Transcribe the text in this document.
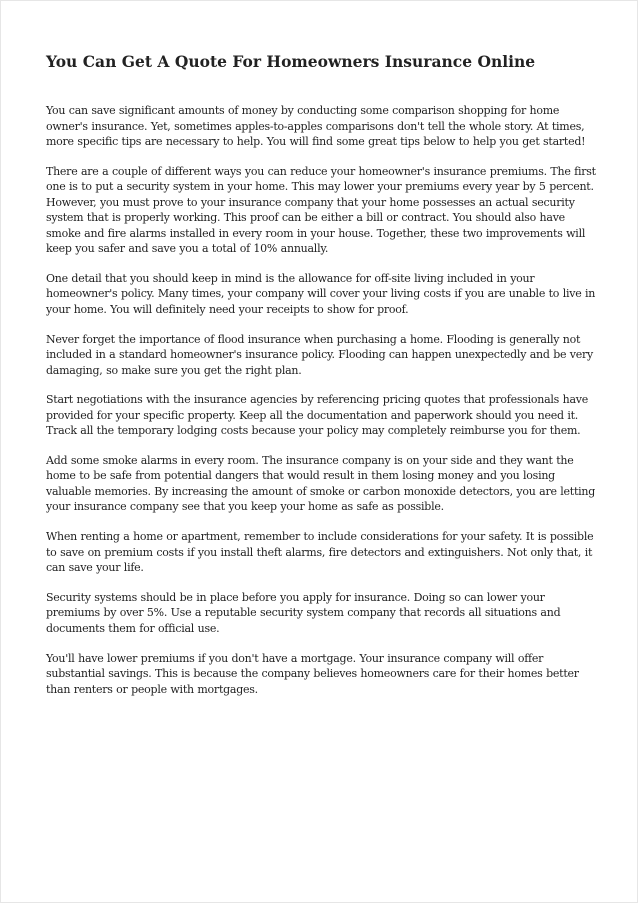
You Can Get A Quote For Homeowners Insurance Online

You can save significant amounts of money by conducting some comparison shopping for home owner's insurance. Yet, sometimes apples-to-apples comparisons don't tell the whole story. At times, more specific tips are necessary to help. You will find some great tips below to help you get started!

There are a couple of different ways you can reduce your homeowner's insurance premiums. The first one is to put a security system in your home. This may lower your premiums every year by 5 percent. However, you must prove to your insurance company that your home possesses an actual security system that is properly working. This proof can be either a bill or contract. You should also have smoke and fire alarms installed in every room in your house. Together, these two improvements will keep you safer and save you a total of 10% annually.

One detail that you should keep in mind is the allowance for off-site living included in your homeowner's policy. Many times, your company will cover your living costs if you are unable to live in your home. You will definitely need your receipts to show for proof.

Never forget the importance of flood insurance when purchasing a home. Flooding is generally not included in a standard homeowner's insurance policy. Flooding can happen unexpectedly and be very damaging, so make sure you get the right plan.

Start negotiations with the insurance agencies by referencing pricing quotes that professionals have provided for your specific property. Keep all the documentation and paperwork should you need it. Track all the temporary lodging costs because your policy may completely reimburse you for them.

Add some smoke alarms in every room. The insurance company is on your side and they want the home to be safe from potential dangers that would result in them losing money and you losing valuable memories. By increasing the amount of smoke or carbon monoxide detectors, you are letting your insurance company see that you keep your home as safe as possible.

When renting a home or apartment, remember to include considerations for your safety. It is possible to save on premium costs if you install theft alarms, fire detectors and extinguishers. Not only that, it can save your life.

Security systems should be in place before you apply for insurance. Doing so can lower your premiums by over 5%. Use a reputable security system company that records all situations and documents them for official use.

You'll have lower premiums if you don't have a mortgage. Your insurance company will offer substantial savings. This is because the company believes homeowners care for their homes better than renters or people with mortgages.
